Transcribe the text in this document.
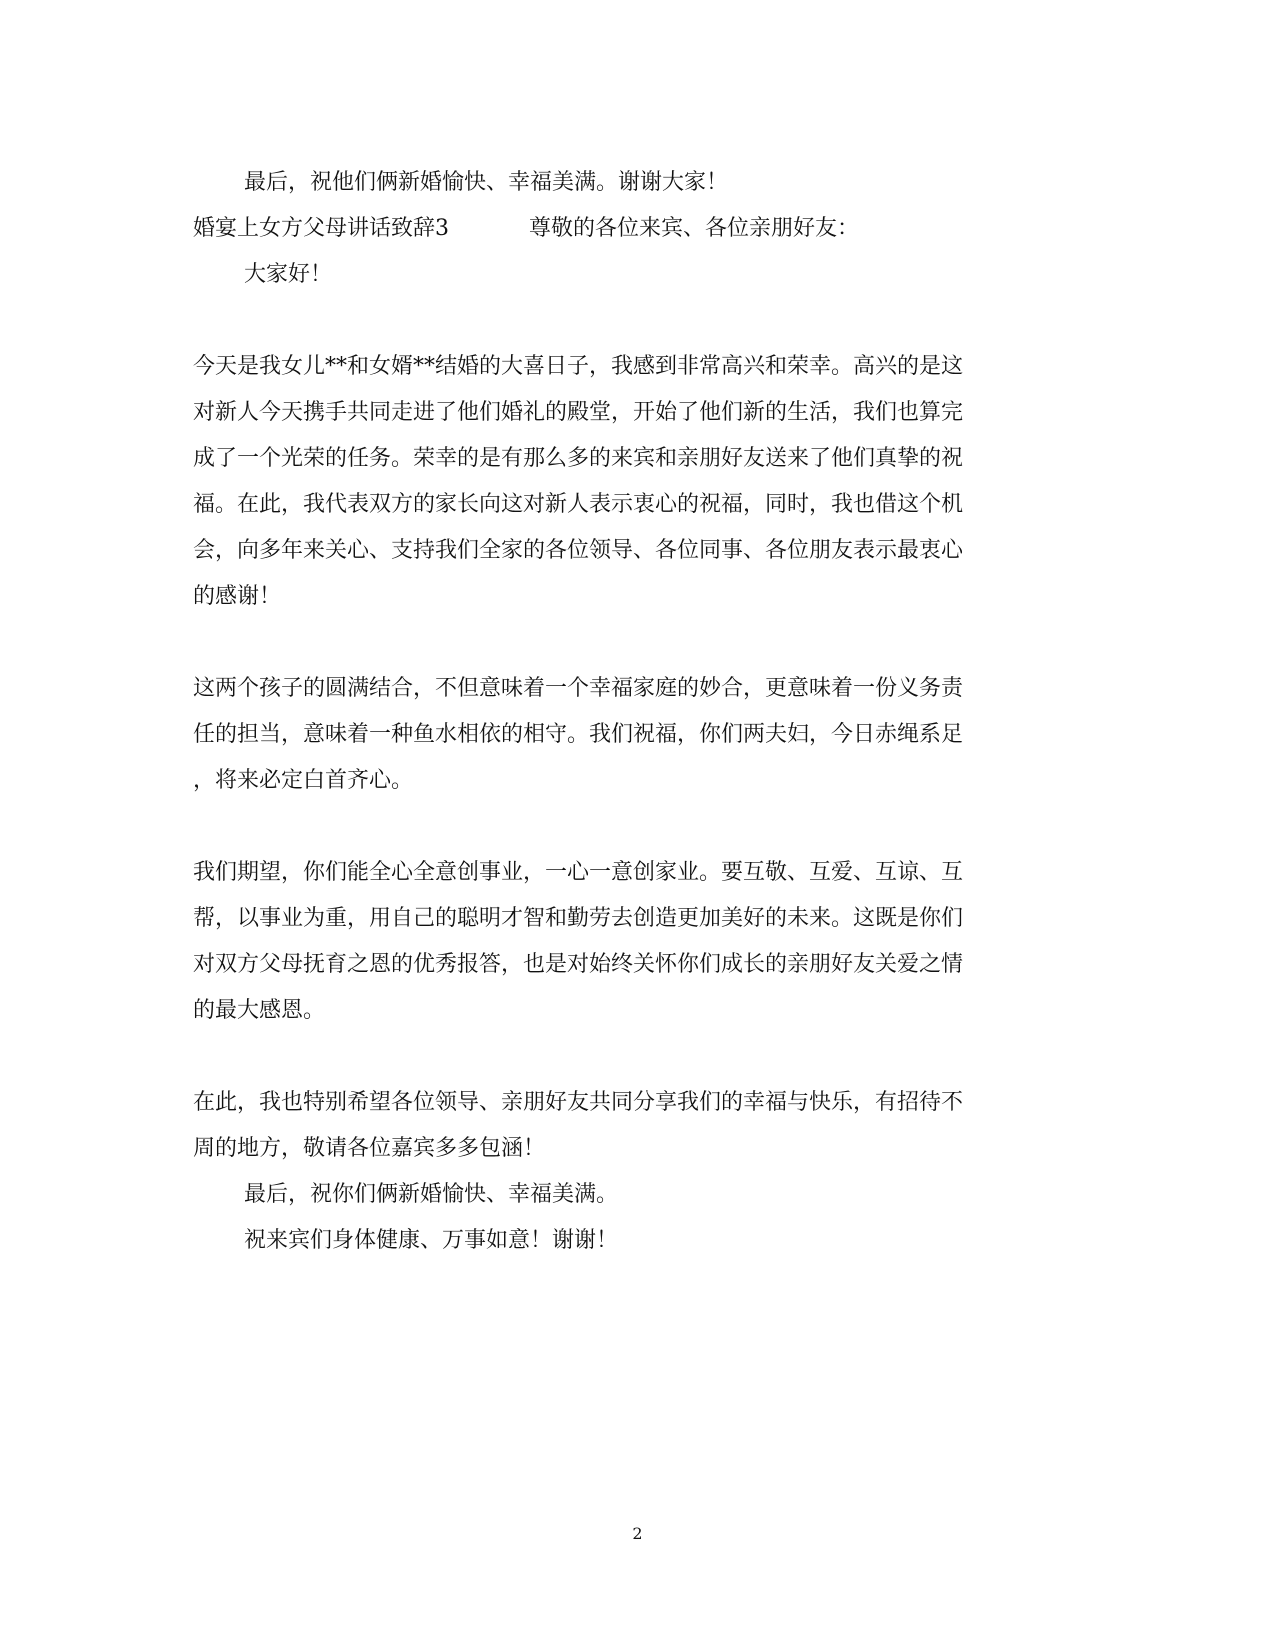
最后，祝他们俩新婚愉快、幸福美满。谢谢大家！
婚宴上女方父母讲话致辞3	尊敬的各位来宾、各位亲朋好友：
大家好！
今天是我女儿**和女婿**结婚的大喜日子，我感到非常高兴和荣幸。高兴的是这
对新人今天携手共同走进了他们婚礼的殿堂，开始了他们新的生活，我们也算完
成了一个光荣的任务。荣幸的是有那么多的来宾和亲朋好友送来了他们真挚的祝
福。在此，我代表双方的家长向这对新人表示衷心的祝福，同时，我也借这个机
会，向多年来关心、支持我们全家的各位领导、各位同事、各位朋友表示最衷心
的感谢！
这两个孩子的圆满结合，不但意味着一个幸福家庭的妙合，更意味着一份义务责
任的担当，意味着一种鱼水相依的相守。我们祝福，你们两夫妇，今日赤绳系足
，将来必定白首齐心。
我们期望，你们能全心全意创事业，一心一意创家业。要互敬、互爱、互谅、互
帮，以事业为重，用自己的聪明才智和勤劳去创造更加美好的未来。这既是你们
对双方父母抚育之恩的优秀报答，也是对始终关怀你们成长的亲朋好友关爱之情
的最大感恩。
在此，我也特别希望各位领导、亲朋好友共同分享我们的幸福与快乐，有招待不
周的地方，敬请各位嘉宾多多包涵！
最后，祝你们俩新婚愉快、幸福美满。
祝来宾们身体健康、万事如意！谢谢！
2
